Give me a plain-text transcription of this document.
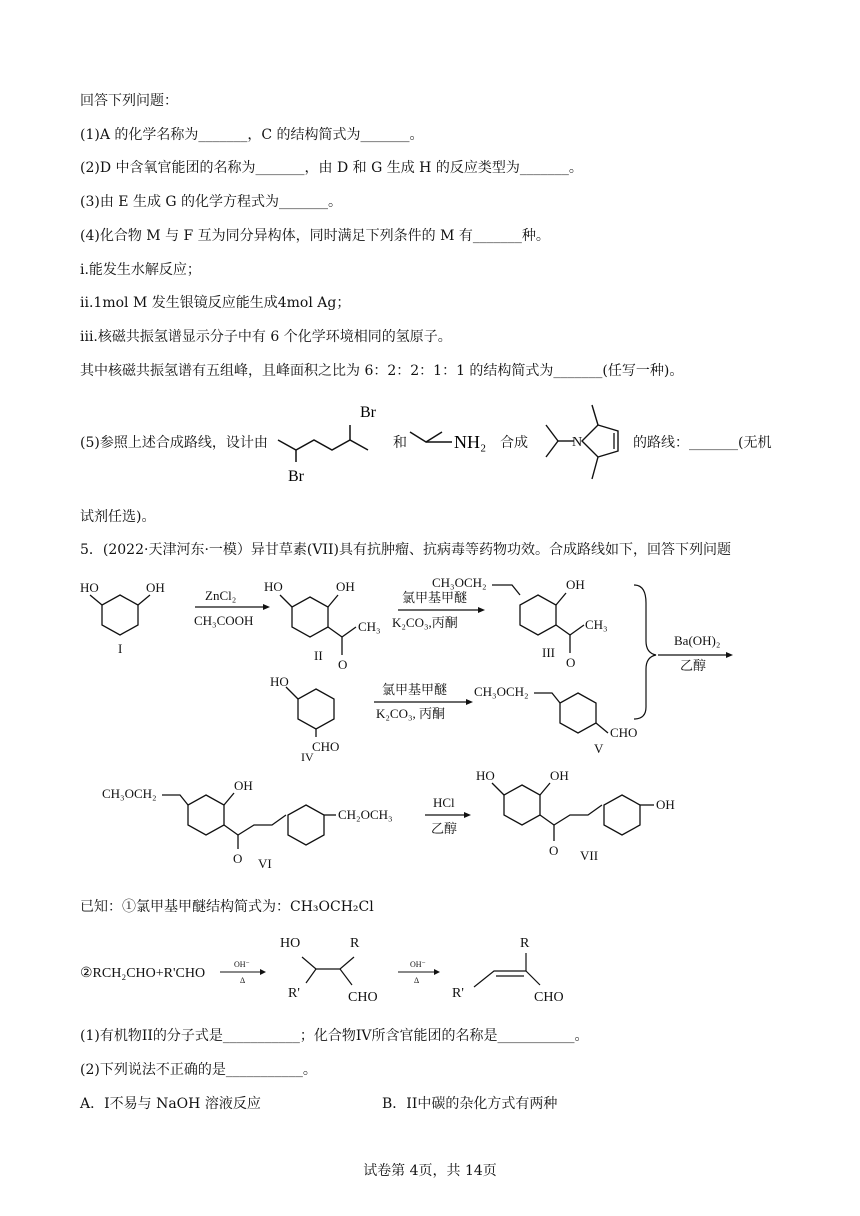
回答下列问题：
(1)A 的化学名称为_______，C 的结构简式为_______。
(2)D 中含氧官能团的名称为_______，由 D 和 G 生成 H 的反应类型为_______。
(3)由 E 生成 G 的化学方程式为_______。
(4)化合物 M 与 F 互为同分异构体，同时满足下列条件的 M 有_______种。
i.能发生水解反应；
ii.1mol M 发生银镜反应能生成4mol Ag；
iii.核磁共振氢谱显示分子中有 6 个化学环境相同的氢原子。
其中核磁共振氢谱有五组峰，且峰面积之比为 6：2：2：1：1 的结构简式为_______(任写一种)。
(5)参照上述合成路线，设计由	和	合成	的路线：_______(无机
试剂任选)。
Br
Br
NH₂	N
5．(2022·天津河东·一模）异甘草素(VII)具有抗肿瘤、抗病毒等药物功效。合成路线如下，回答下列问题
HO	OH
I
ZnCl₂
CH₃COOH
HO	OH
CH₃
O
II
氯甲基甲醚
K₂CO₃,丙酮
CH₃OCH₂	OH
CH₃
O
III
HO
CHO
IV
氯甲基甲醚
K₂CO₃, 丙酮
CH₃OCH₂
CHO
V
Ba(OH)₂
乙醇
CH₃OCH₂
OH
O
CH₂OCH₃
VI
HCl
乙醇
HO	OH
O
OH
VII
已知：①氯甲基甲醚结构简式为：CH₃OCH₂Cl
②RCH₂CHO+R'CHO
OH⁻
Δ
HO	R
R'	CHO
OH⁻
Δ
R
R'	CHO
(1)有机物II的分子式是___________；化合物IV所含官能团的名称是___________。
(2)下列说法不正确的是___________。
A．I不易与 NaOH 溶液反应	B．II中碳的杂化方式有两种
试卷第 4页，共 14页
